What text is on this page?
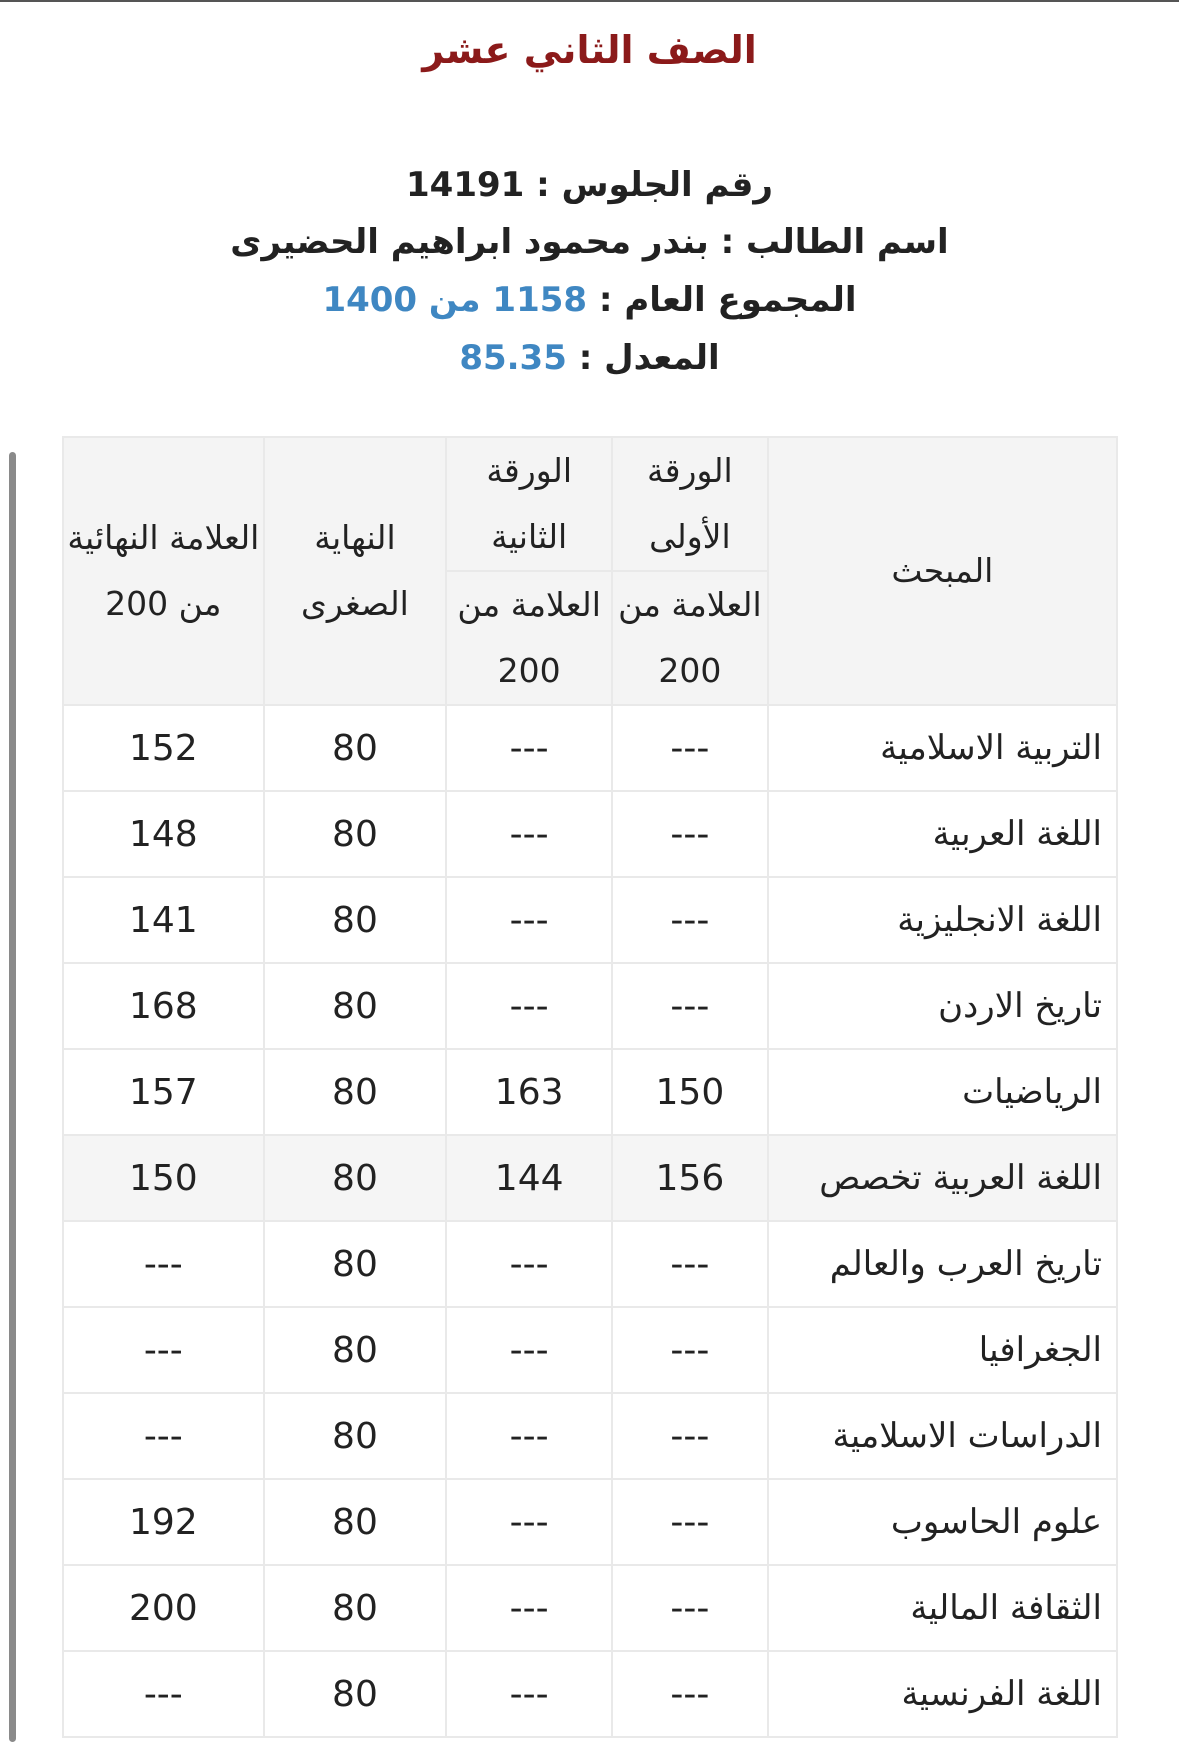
الصف الثاني عشر
رقم الجلوس : 14191
اسم الطالب : بندر محمود ابراهيم الحضيرى
المجموع العام : 1158 من 1400
المعدل : 85.35
المبحث	الورقة الأولى	الورقة الثانية	النهاية الصغرى	العلامة النهائية من 200
	العلامة من 200	العلامة من 200		
التربية الاسلامية	---	---	80	152
اللغة العربية	---	---	80	148
اللغة الانجليزية	---	---	80	141
تاريخ الاردن	---	---	80	168
الرياضيات	150	163	80	157
اللغة العربية تخصص	156	144	80	150
تاريخ العرب والعالم	---	---	80	---
الجغرافيا	---	---	80	---
الدراسات الاسلامية	---	---	80	---
علوم الحاسوب	---	---	80	192
الثقافة المالية	---	---	80	200
اللغة الفرنسية	---	---	80	---
